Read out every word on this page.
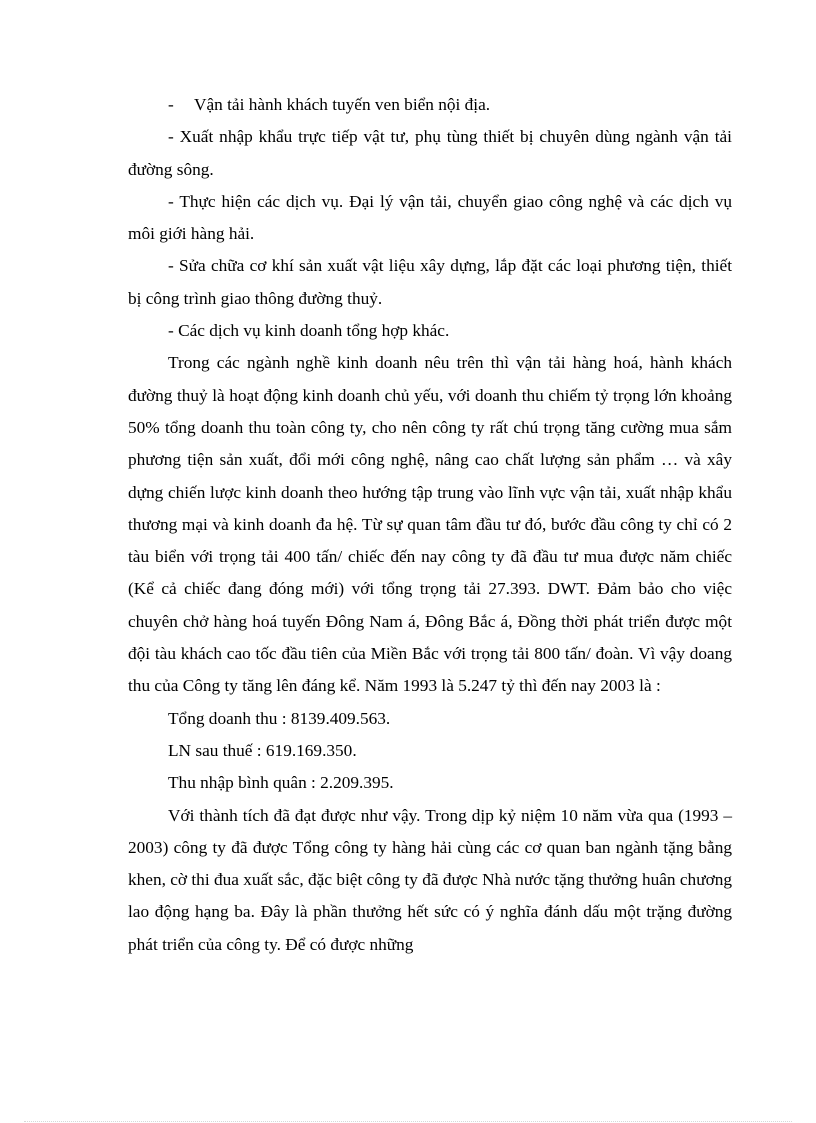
- Vận tải hành khách tuyến ven biển nội địa.

- Xuất nhập khẩu trực tiếp vật tư, phụ tùng thiết bị chuyên dùng ngành vận tải đường sông.

- Thực hiện các dịch vụ. Đại lý vận tải, chuyển giao công nghệ và các dịch vụ môi giới hàng hải.

- Sửa chữa cơ khí sản xuất vật liệu xây dựng, lắp đặt các loại phương tiện, thiết bị công trình giao thông đường thuỷ.

- Các dịch vụ kinh doanh tổng hợp khác.

Trong các ngành nghề kinh doanh nêu trên thì vận tải hàng hoá, hành khách đường thuỷ là hoạt động kinh doanh chủ yếu, với doanh thu chiếm tỷ trọng lớn khoảng 50% tổng doanh thu toàn công ty, cho nên công ty rất chú trọng tăng cường mua sắm phương tiện sản xuất, đổi mới công nghệ, nâng cao chất lượng sản phẩm … và xây dựng chiến lược kinh doanh theo hướng tập trung vào lĩnh vực vận tải, xuất nhập khẩu thương mại và kinh doanh đa hệ. Từ sự quan tâm đầu tư đó, bước đầu công ty chỉ có 2 tàu biển với trọng tải 400 tấn/ chiếc đến nay công ty đã đầu tư mua được năm chiếc (Kể cả chiếc đang đóng mới) với tổng trọng tải 27.393. DWT. Đảm bảo cho việc chuyên chở hàng hoá tuyến Đông Nam á, Đông Bắc á, Đồng thời phát triển được một đội tàu khách cao tốc đầu tiên của Miền Bắc với trọng tải 800 tấn/ đoàn. Vì vậy doang thu của Công ty tăng lên đáng kể. Năm 1993 là 5.247 tỷ thì đến nay 2003 là :

Tổng doanh thu : 8139.409.563.

LN sau thuế : 619.169.350.

Thu nhập bình quân : 2.209.395.

Với thành tích đã đạt được như vậy. Trong dịp kỷ niệm 10 năm vừa qua (1993 – 2003) công ty đã được Tổng công ty hàng hải cùng các cơ quan ban ngành tặng bằng khen, cờ thi đua xuất sắc, đặc biệt công ty đã được Nhà nước tặng thưởng huân chương lao động hạng ba. Đây là phần thưởng hết sức có ý nghĩa đánh dấu một trặng đường phát triển của công ty. Để có được những
